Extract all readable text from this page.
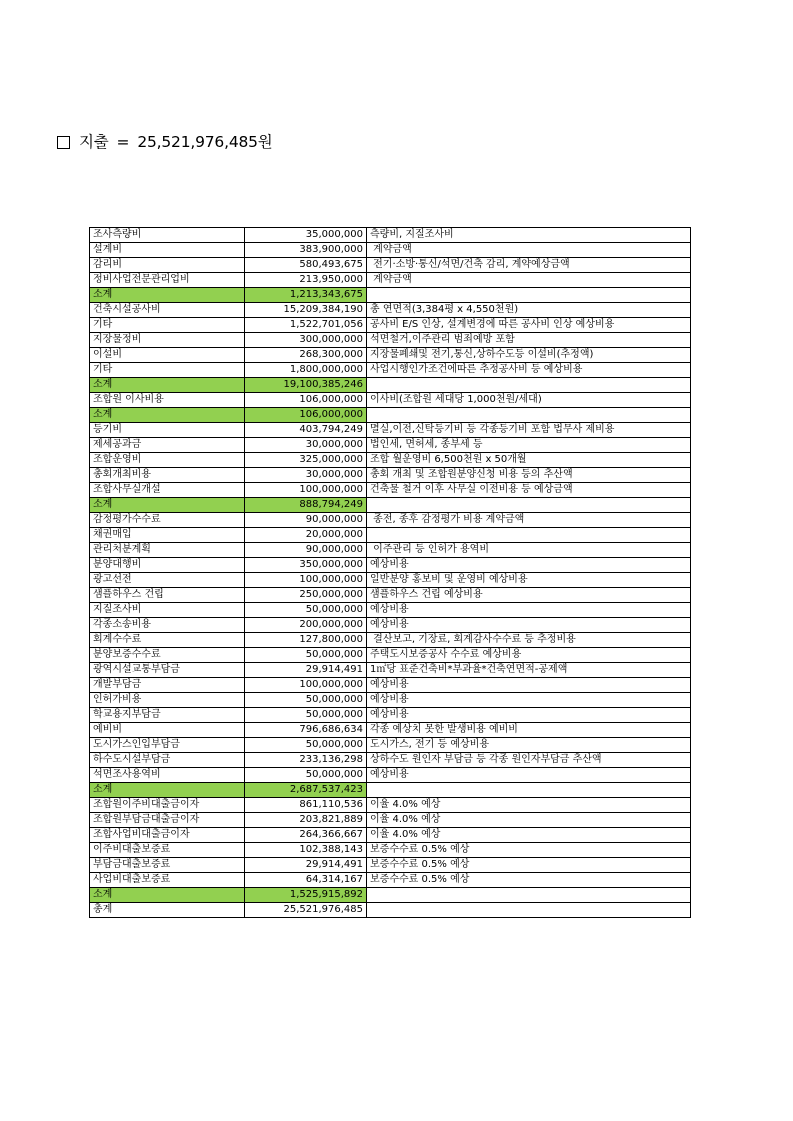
지출 = 25,521,976,485원
조사측량비	35,000,000	측량비, 지질조사비
설계비	383,900,000	계약금액
감리비	580,493,675	전기·소방·통신/석면/건축 감리, 계약예상금액
정비사업전문관리업비	213,950,000	계약금액
소계	1,213,343,675	
건축시설공사비	15,209,384,190	총 연면적(3,384평 x 4,550천원)
기타	1,522,701,056	공사비 E/S 인상, 설계변경에 따른 공사비 인상 예상비용
지장물정비	300,000,000	석면철거,이주관리 범죄예방 포함
이설비	268,300,000	지장물폐쇄및 전기,통신,상하수도등 이설비(추정액)
기타	1,800,000,000	사업시행인가조건에따른 추정공사비 등 예상비용
소계	19,100,385,246	
조합원 이사비용	106,000,000	이사비(조합원 세대당 1,000천원/세대)
소계	106,000,000	
등기비	403,794,249	멸실,이전,신탁등기비 등 각종등기비 포함 법무사 제비용
제세공과금	30,000,000	법인세, 면허세, 종부세 등
조합운영비	325,000,000	조합 월운영비 6,500천원 x 50개월
총회개최비용	30,000,000	총회 개최 및 조합원분양신청 비용 등의 추산액
조합사무실개설	100,000,000	건축물 철거 이후 사무실 이전비용 등 예상금액
소계	888,794,249	
감정평가수수료	90,000,000	종전, 종후 감정평가 비용 계약금액
채권매입	20,000,000	
관리처분계획	90,000,000	이주관리 등 인허가 용역비
분양대행비	350,000,000	예상비용
광고선전	100,000,000	일반분양 홍보비 및 운영비 예상비용
샘플하우스 건립	250,000,000	샘플하우스 건립 예상비용
지질조사비	50,000,000	예상비용
각종소송비용	200,000,000	예상비용
회계수수료	127,800,000	결산보고, 기장료, 회계감사수수료 등 추정비용
분양보증수수료	50,000,000	주택도시보증공사 수수료 예상비용
광역시설교통부담금	29,914,491	1㎡당 표준건축비*부과율*건축연면적-공제액
개발부담금	100,000,000	예상비용
인허가비용	50,000,000	예상비용
학교용지부담금	50,000,000	예상비용
예비비	796,686,634	각종 예상치 못한 발생비용 예비비
도시가스인입부담금	50,000,000	도시가스, 전기 등 예상비용
하수도시설부담금	233,136,298	상하수도 원인자 부담금 등 각종 원인자부담금 추산액
석면조사용역비	50,000,000	예상비용
소계	2,687,537,423	
조합원이주비대출금이자	861,110,536	이율 4.0% 예상
조합원부담금대출금이자	203,821,889	이율 4.0% 예상
조합사업비대출금이자	264,366,667	이율 4.0% 예상
이주비대출보증료	102,388,143	보증수수료 0.5% 예상
부담금대출보증료	29,914,491	보증수수료 0.5% 예상
사업비대출보증료	64,314,167	보증수수료 0.5% 예상
소계	1,525,915,892	
총계	25,521,976,485	
